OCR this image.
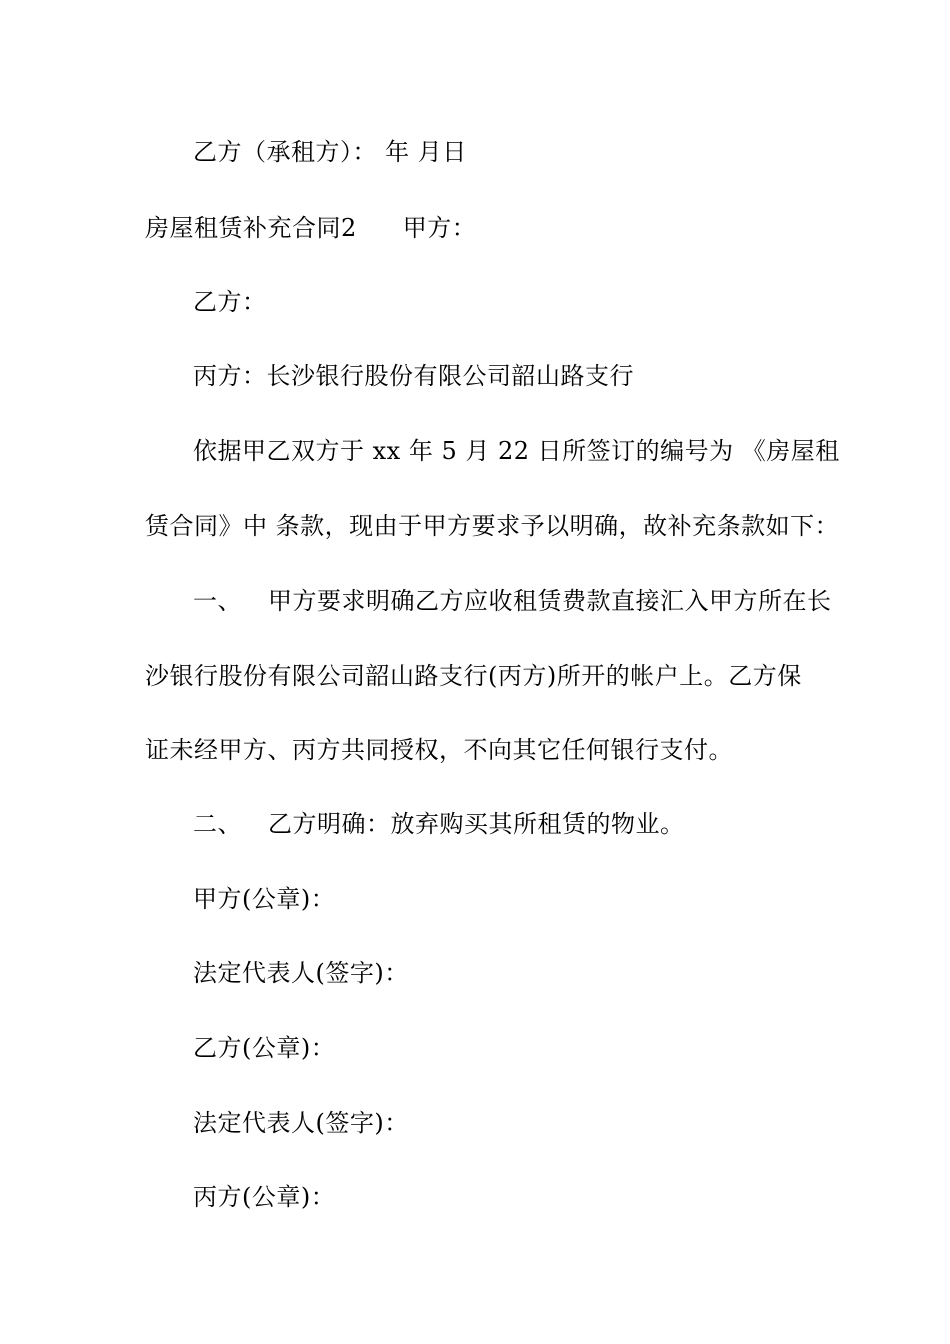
乙方（承租方）： 年 月日
房屋租赁补充合同2 甲方：
乙方：
丙方：长沙银行股份有限公司韶山路支行
依据甲乙双方于 xx 年 5 月 22 日所签订的编号为 《房屋租
赁合同》中 条款，现由于甲方要求予以明确，故补充条款如下：
一、 甲方要求明确乙方应收租赁费款直接汇入甲方所在长
沙银行股份有限公司韶山路支行(丙方)所开的帐户上。乙方保
证未经甲方、丙方共同授权，不向其它任何银行支付。
二、 乙方明确：放弃购买其所租赁的物业。
甲方(公章)：
法定代表人(签字)：
乙方(公章)：
法定代表人(签字)：
丙方(公章)：
